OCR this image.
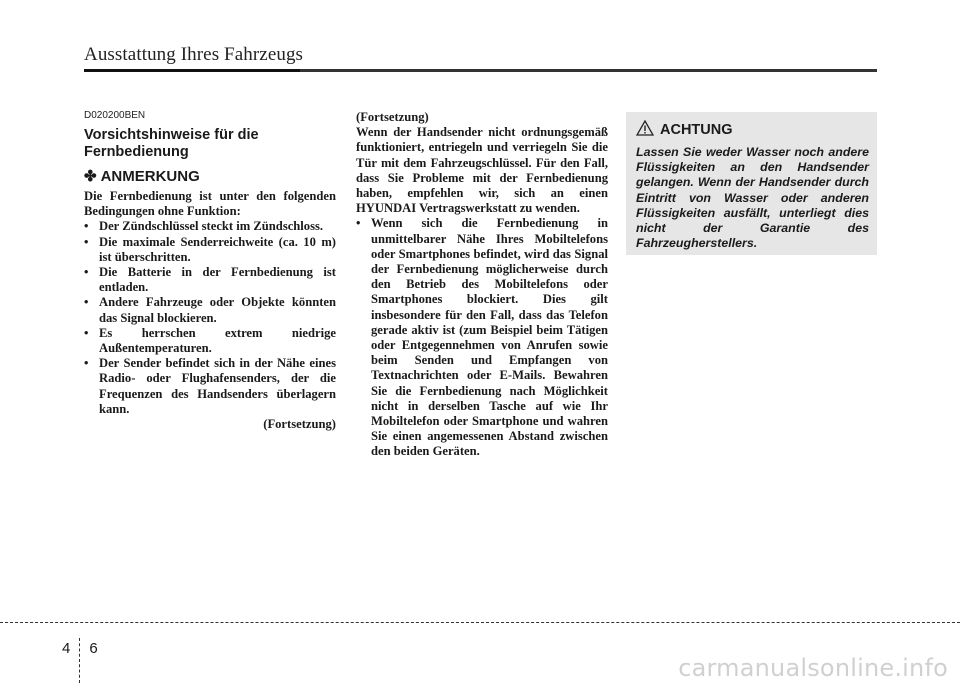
Ausstattung Ihres Fahrzeugs
D020200BEN
Vorsichtshinweise für die Fernbedienung
✤ ANMERKUNG
Die Fernbedienung ist unter den folgenden Bedingungen ohne Funktion:
• Der Zündschlüssel steckt im Zündschloss.
• Die maximale Senderreichweite (ca. 10 m) ist überschritten.
• Die Batterie in der Fernbedienung ist entladen.
• Andere Fahrzeuge oder Objekte könnten das Signal blockieren.
• Es herrschen extrem niedrige Außentemperaturen.
• Der Sender befindet sich in der Nähe eines Radio- oder Flughafensenders, der die Frequenzen des Handsenders überlagern kann.
(Fortsetzung)
(Fortsetzung)
Wenn der Handsender nicht ordnungsgemäß funktioniert, entriegeln und verriegeln Sie die Tür mit dem Fahrzeugschlüssel. Für den Fall, dass Sie Probleme mit der Fernbedienung haben, empfehlen wir, sich an einen HYUNDAI Vertragswerkstatt zu wenden.
• Wenn sich die Fernbedienung in unmittelbarer Nähe Ihres Mobiltelefons oder Smartphones befindet, wird das Signal der Fernbedienung möglicherweise durch den Betrieb des Mobiltelefons oder Smartphones blockiert. Dies gilt insbesondere für den Fall, dass das Telefon gerade aktiv ist (zum Beispiel beim Tätigen oder Entgegennehmen von Anrufen sowie beim Senden und Empfangen von Textnachrichten oder E-Mails. Bewahren Sie die Fernbedienung nach Möglichkeit nicht in derselben Tasche auf wie Ihr Mobiltelefon oder Smartphone und wahren Sie einen angemessenen Abstand zwischen den beiden Geräten.
ACHTUNG
Lassen Sie weder Wasser noch andere Flüssigkeiten an den Handsender gelangen. Wenn der Handsender durch Eintritt von Wasser oder anderen Flüssigkeiten ausfällt, unterliegt dies nicht der Garantie des Fahrzeugherstellers.
4 6
carmanualsonline.info
